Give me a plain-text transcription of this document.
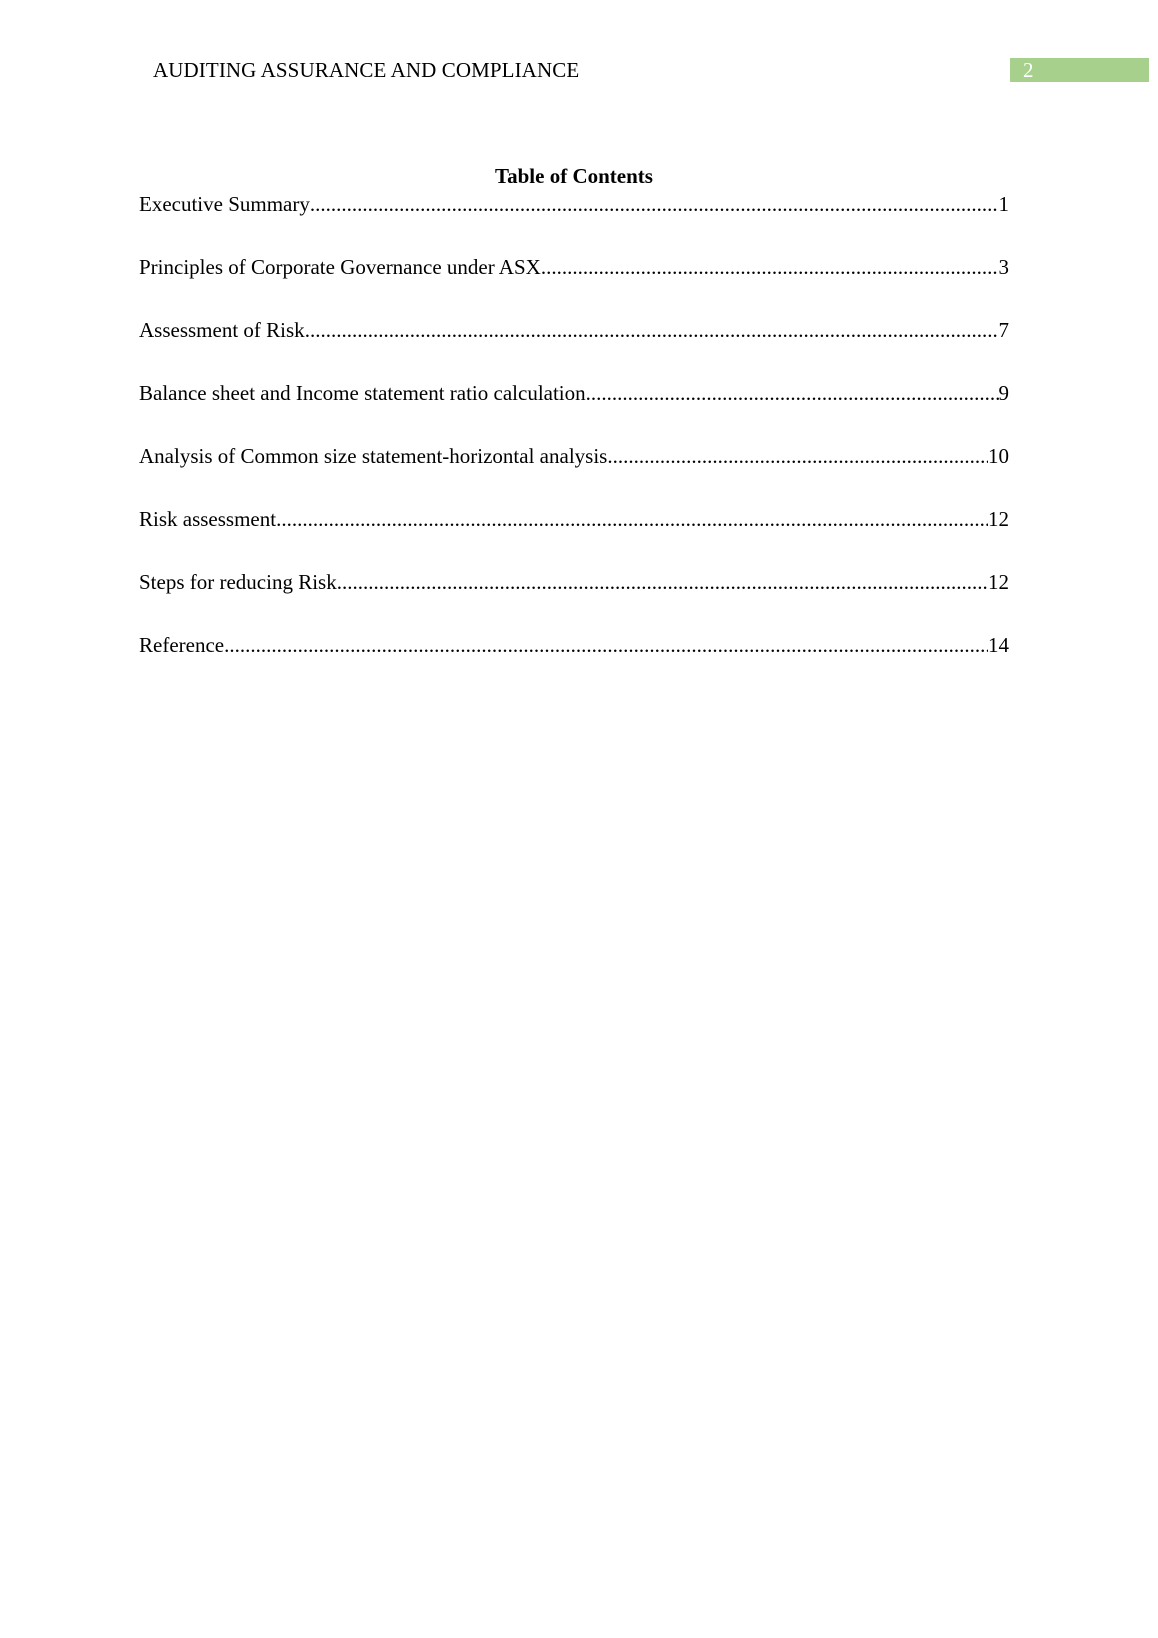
AUDITING ASSURANCE AND COMPLIANCE	2
Table of Contents
Executive Summary .....	1
Principles of Corporate Governance under ASX .....	3
Assessment of Risk .....	7
Balance sheet and Income statement ratio calculation .....	9
Analysis of Common size statement-horizontal analysis .....	10
Risk assessment .....	12
Steps for reducing Risk .....	12
Reference .....	14
